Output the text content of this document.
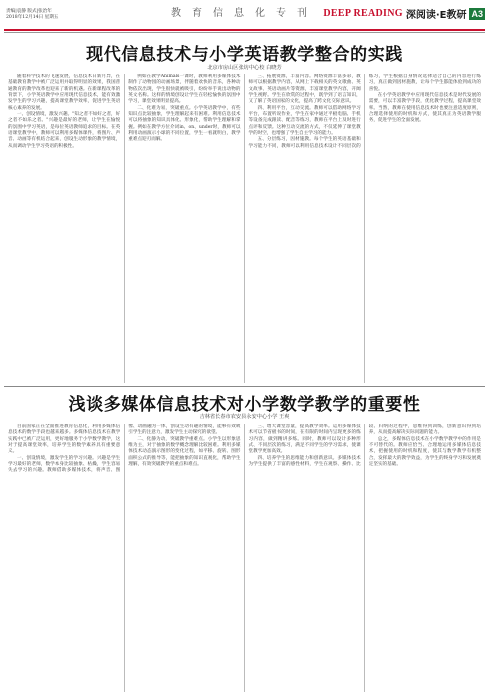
责编|袁静 版式|张治年
2018年12月14日 星期五	教育信息化专刊 DEEP READING 深阅读·E教研 A3
现代信息技术与小学英语教学整合的实践
北京市房山区张坊中心校 白晓芳

随着科学技术的飞速发展，信息技术日新月异，在基础教育教学中被广泛运用并取得明显的效果，我国普通教育的教学改革也迎来了新的机遇。在新课程改革的背景下，小学英语教学中应用现代信息技术，能有效激发学生的学习兴趣，提高课堂教学效率，促进学生英语核心素养的发展。

一、创设情境，激发兴趣。"知之者不如好之者，好之者不如乐之者。"兴趣是最好的老师，让学生在愉悦的氛围中学习英语，是每位英语教师追求的目标。在英语课堂教学中，教师可以利用多媒体课件，将图片、声音、动画等有机结合起来，创设生动形象的教学情境，从而调动学生学习英语的积极性。

例如在教学Animals一课时，教师利用多媒体技术制作了动物园的动画场景，伴随着欢快的音乐，各种动物依次出现，学生很快就被吸引，纷纷举手说出动物的英文名称。这样的情境创设让学生在轻松愉快的氛围中学习，课堂效果明显提高。

二、化难为易，突破重点。小学英语教学中，有些知识点比较抽象，学生理解起来有困难。利用信息技术可以将抽象的知识具体化、形象化，帮助学生理解和掌握。例如在教学方位介词in、on、under时，教师可以利用动画演示小球的不同位置，学生一看就明白，教学重难点迎刃而解。

三、拓展资源，丰富内容。网络资源丰富多彩，教师可以根据教学内容，从网上下载相关的英文歌曲、英文故事、英语动画片等资源，丰富课堂教学内容，开阔学生视野。学生在欣赏的过程中，既学到了语言知识，又了解了英语国家的文化，提高了跨文化交际意识。

四、利用平台，互动交流。教师可以借助网络学习平台，布置听说作业，学生在家中通过平板电脑、手机等设备完成跟读、配音等练习，教师在平台上及时进行点评和反馈。这种互动交流的方式，不仅延伸了课堂教学的时空，也增强了学生自主学习的能力。

五、分层练习，因材施教。每个学生的英语基础和学习能力不同，教师可以利用信息技术设计不同层次的练习，学生根据自身情况选择适合自己的内容进行练习，真正做到因材施教，让每个学生都能体验到成功的喜悦。

在小学英语教学中应用现代信息技术是时代发展的需要，可以丰富教学手段，优化教学过程，提高课堂效率。当然，教师在使用信息技术时也要注意适度原则，合理选择使用的时机和方式，使其真正为英语教学服务，促进学生的全面发展。

浅谈多媒体信息技术对小学数学教学的重要性
吉林省长春市农安县永安中心小学 王爽

目前国家正在全面推进教育信息化，利用多媒体信息技术的数学手段也越来越多。多媒体信息技术在教学实践中已被广泛运用，更好地服务于小学数学教学，这对于提高课堂效率，培养学生的数学素养具有重要意义。

一、创设情境，激发学生的学习兴趣。兴趣是学生学习最好的老师，数学本身比较抽象、枯燥，学生容易失去学习的兴趣。教师借助多媒体技术，将声音、图像、动画融为一体，创设生动有趣的情境，能够有效吸引学生的注意力，激发学生主动探究的欲望。

二、化静为动，突破教学重难点。小学生以形象思维为主，对于抽象的数学概念理解比较困难。利用多媒体技术动态演示图形的变化过程，如平移、旋转、图形面积公式的推导等，能把抽象的知识直观化，帮助学生理解，有效突破教学的重点和难点。

三、增大课堂容量，提高教学效率。运用多媒体技术可以节省板书的时间，在有限的时间内呈现更多的练习内容，做到精讲多练。同时，教师可以设计多种形式、不同层次的练习，满足不同学生的学习需求，使课堂教学更加高效。

四、培养学生的思维能力和创新意识。多媒体技术为学生提供了丰富的感性材料，学生在观察、操作、比较、归纳的过程中，思维得到训练，创新意识得到培养，从而提高解决实际问题的能力。

总之，多媒体信息技术在小学数学教学中的作用是不可替代的。教师应恰当、合理地运用多媒体信息技术，把握使用的时机和程度，使其与数学教学有机整合，发挥最大的教学效益，为学生的终身学习和发展奠定坚实的基础。
